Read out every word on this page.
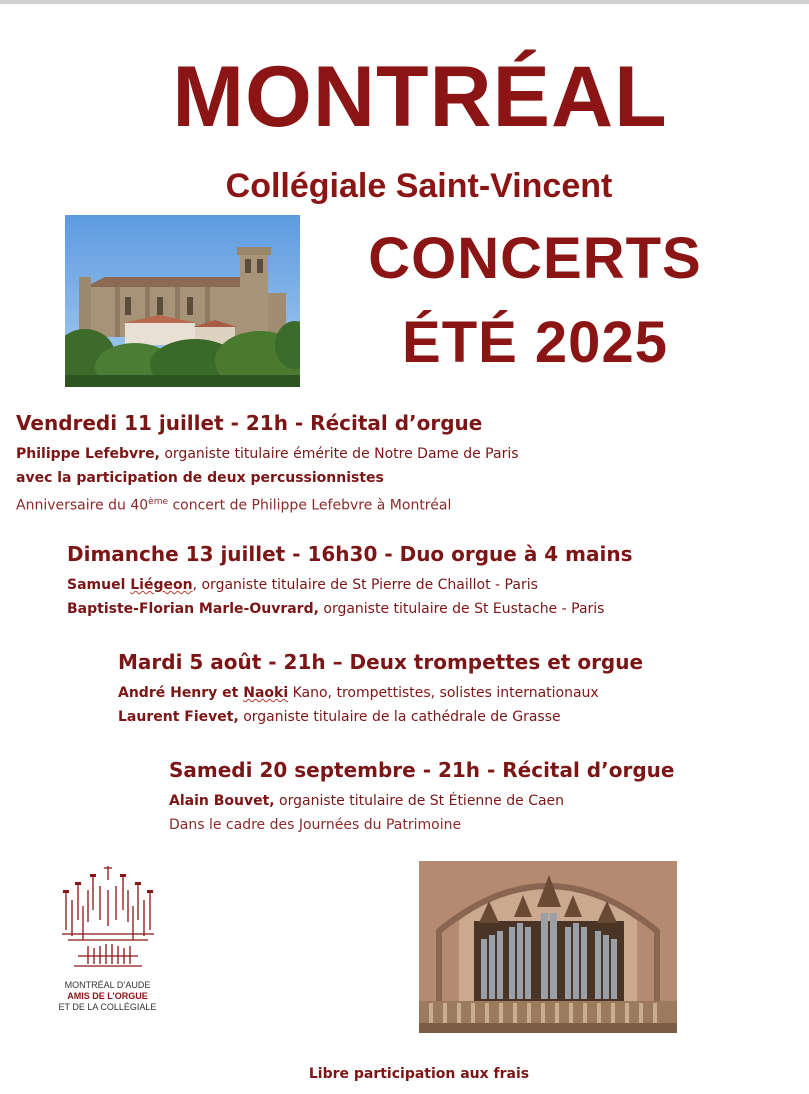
MONTRÉAL
Collégiale Saint-Vincent
CONCERTS
ÉTÉ 2025
Vendredi 11 juillet - 21h - Récital d’orgue
Philippe Lefebvre, organiste titulaire émérite de Notre Dame de Paris
avec la participation de deux percussionnistes
Anniversaire du 40ème concert de Philippe Lefebvre à Montréal
Dimanche 13 juillet - 16h30 - Duo orgue à 4 mains
Samuel Liégeon, organiste titulaire de St Pierre de Chaillot - Paris
Baptiste-Florian Marle-Ouvrard, organiste titulaire de St Eustache - Paris
Mardi 5 août - 21h – Deux trompettes et orgue
André Henry et Naoki Kano, trompettistes, solistes internationaux
Laurent Fievet, organiste titulaire de la cathédrale de Grasse
Samedi 20 septembre - 21h - Récital d’orgue
Alain Bouvet, organiste titulaire de St Étienne de Caen
Dans le cadre des Journées du Patrimoine
MONTRÉAL D’AUDE
AMIS DE L’ORGUE
ET DE LA COLLÉGIALE
Libre participation aux frais
